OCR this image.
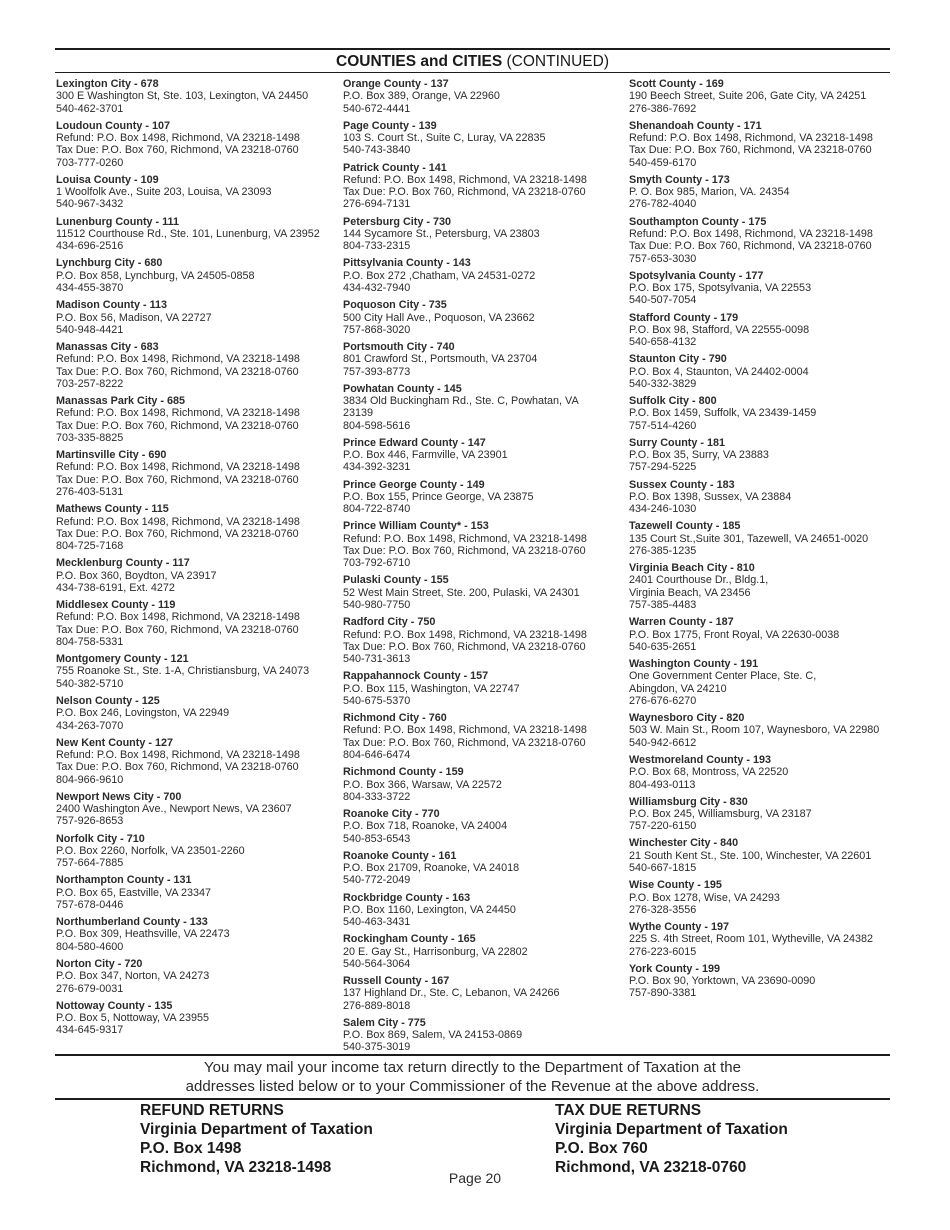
COUNTIES and CITIES (CONTINUED)
Lexington City - 678
300 E Washington St, Ste. 103, Lexington, VA 24450
540-462-3701
Loudoun County - 107
Refund: P.O. Box 1498, Richmond, VA 23218-1498
Tax Due: P.O. Box 760, Richmond, VA 23218-0760
703-777-0260
Louisa County - 109
1 Woolfolk Ave., Suite 203, Louisa, VA 23093
540-967-3432
Lunenburg County - 111
11512 Courthouse Rd., Ste. 101, Lunenburg, VA 23952
434-696-2516
Lynchburg City - 680
P.O. Box 858, Lynchburg, VA 24505-0858
434-455-3870
Madison County - 113
P.O. Box 56, Madison, VA 22727
540-948-4421
Manassas City - 683
Refund: P.O. Box 1498, Richmond, VA 23218-1498
Tax Due: P.O. Box 760, Richmond, VA 23218-0760
703-257-8222
Manassas Park City - 685
Refund: P.O. Box 1498, Richmond, VA 23218-1498
Tax Due: P.O. Box 760, Richmond, VA 23218-0760
703-335-8825
Martinsville City - 690
Refund: P.O. Box 1498, Richmond, VA 23218-1498
Tax Due: P.O. Box 760, Richmond, VA 23218-0760
276-403-5131
Mathews County - 115
Refund: P.O. Box 1498, Richmond, VA 23218-1498
Tax Due: P.O. Box 760, Richmond, VA 23218-0760
804-725-7168
Mecklenburg County - 117
P.O. Box 360, Boydton, VA 23917
434-738-6191, Ext. 4272
Middlesex County - 119
Refund: P.O. Box 1498, Richmond, VA 23218-1498
Tax Due: P.O. Box 760, Richmond, VA 23218-0760
804-758-5331
Montgomery County - 121
755 Roanoke St., Ste. 1-A, Christiansburg, VA 24073
540-382-5710
Nelson County - 125
P.O. Box 246, Lovingston, VA 22949
434-263-7070
New Kent County - 127
Refund: P.O. Box 1498, Richmond, VA 23218-1498
Tax Due: P.O. Box 760, Richmond, VA 23218-0760
804-966-9610
Newport News City - 700
2400 Washington Ave., Newport News, VA 23607
757-926-8653
Norfolk City - 710
P.O. Box 2260, Norfolk, VA 23501-2260
757-664-7885
Northampton County - 131
P.O. Box 65, Eastville, VA 23347
757-678-0446
Northumberland County - 133
P.O. Box 309, Heathsville, VA 22473
804-580-4600
Norton City - 720
P.O. Box 347, Norton, VA 24273
276-679-0031
Nottoway County - 135
P.O. Box 5, Nottoway, VA 23955
434-645-9317
Orange County - 137
P.O. Box 389, Orange, VA 22960
540-672-4441
Page County - 139
103 S. Court St., Suite C, Luray, VA 22835
540-743-3840
Patrick County - 141
Refund: P.O. Box 1498, Richmond, VA 23218-1498
Tax Due: P.O. Box 760, Richmond, VA 23218-0760
276-694-7131
Petersburg City - 730
144 Sycamore St., Petersburg, VA 23803
804-733-2315
Pittsylvania County - 143
P.O. Box 272 ,Chatham, VA 24531-0272
434-432-7940
Poquoson City - 735
500 City Hall Ave., Poquoson, VA 23662
757-868-3020
Portsmouth City - 740
801 Crawford St., Portsmouth, VA 23704
757-393-8773
Powhatan County - 145
3834 Old Buckingham Rd., Ste. C, Powhatan, VA
23139
804-598-5616
Prince Edward County - 147
P.O. Box 446, Farmville, VA 23901
434-392-3231
Prince George County - 149
P.O. Box 155, Prince George, VA 23875
804-722-8740
Prince William County* - 153
Refund: P.O. Box 1498, Richmond, VA 23218-1498
Tax Due: P.O. Box 760, Richmond, VA 23218-0760
703-792-6710
Pulaski County - 155
52 West Main Street, Ste. 200, Pulaski, VA 24301
540-980-7750
Radford City - 750
Refund: P.O. Box 1498, Richmond, VA 23218-1498
Tax Due: P.O. Box 760, Richmond, VA 23218-0760
540-731-3613
Rappahannock County - 157
P.O. Box 115, Washington, VA 22747
540-675-5370
Richmond City - 760
Refund: P.O. Box 1498, Richmond, VA 23218-1498
Tax Due: P.O. Box 760, Richmond, VA 23218-0760
804-646-6474
Richmond County - 159
P.O. Box 366, Warsaw, VA 22572
804-333-3722
Roanoke City - 770
P.O. Box 718, Roanoke, VA 24004
540-853-6543
Roanoke County - 161
P.O. Box 21709, Roanoke, VA 24018
540-772-2049
Rockbridge County - 163
P.O. Box 1160, Lexington, VA 24450
540-463-3431
Rockingham County - 165
20 E. Gay St., Harrisonburg, VA 22802
540-564-3064
Russell County - 167
137 Highland Dr., Ste. C, Lebanon, VA 24266
276-889-8018
Salem City - 775
P.O. Box 869, Salem, VA 24153-0869
540-375-3019
Scott County - 169
190 Beech Street, Suite 206, Gate City, VA 24251
276-386-7692
Shenandoah County - 171
Refund: P.O. Box 1498, Richmond, VA 23218-1498
Tax Due: P.O. Box 760, Richmond, VA 23218-0760
540-459-6170
Smyth County - 173
P. O. Box 985, Marion, VA. 24354
276-782-4040
Southampton County - 175
Refund: P.O. Box 1498, Richmond, VA 23218-1498
Tax Due: P.O. Box 760, Richmond, VA 23218-0760
757-653-3030
Spotsylvania County - 177
P.O. Box 175, Spotsylvania, VA 22553
540-507-7054
Stafford County - 179
P.O. Box 98, Stafford, VA 22555-0098
540-658-4132
Staunton City - 790
P.O. Box 4, Staunton, VA 24402-0004
540-332-3829
Suffolk City - 800
P.O. Box 1459, Suffolk, VA 23439-1459
757-514-4260
Surry County - 181
P.O. Box 35, Surry, VA 23883
757-294-5225
Sussex County - 183
P.O. Box 1398, Sussex, VA 23884
434-246-1030
Tazewell County - 185
135 Court St.,Suite 301, Tazewell, VA 24651-0020
276-385-1235
Virginia Beach City - 810
2401 Courthouse Dr., Bldg.1,
Virginia Beach, VA 23456
757-385-4483
Warren County - 187
P.O. Box 1775, Front Royal, VA 22630-0038
540-635-2651
Washington County - 191
One Government Center Place, Ste. C,
Abingdon, VA 24210
276-676-6270
Waynesboro City - 820
503 W. Main St., Room 107, Waynesboro, VA 22980
540-942-6612
Westmoreland County - 193
P.O. Box 68, Montross, VA 22520
804-493-0113
Williamsburg City - 830
P.O. Box 245, Williamsburg, VA 23187
757-220-6150
Winchester City - 840
21 South Kent St., Ste. 100, Winchester, VA 22601
540-667-1815
Wise County - 195
P.O. Box 1278, Wise, VA 24293
276-328-3556
Wythe County - 197
225 S. 4th Street, Room 101, Wytheville, VA 24382
276-223-6015
York County - 199
P.O. Box 90, Yorktown, VA 23690-0090
757-890-3381
You may mail your income tax return directly to the Department of Taxation at the
addresses listed below or to your Commissioner of the Revenue at the above address.
REFUND RETURNS
Virginia Department of Taxation
P.O. Box 1498
Richmond, VA 23218-1498
TAX DUE RETURNS
Virginia Department of Taxation
P.O. Box 760
Richmond, VA 23218-0760
Page 20
